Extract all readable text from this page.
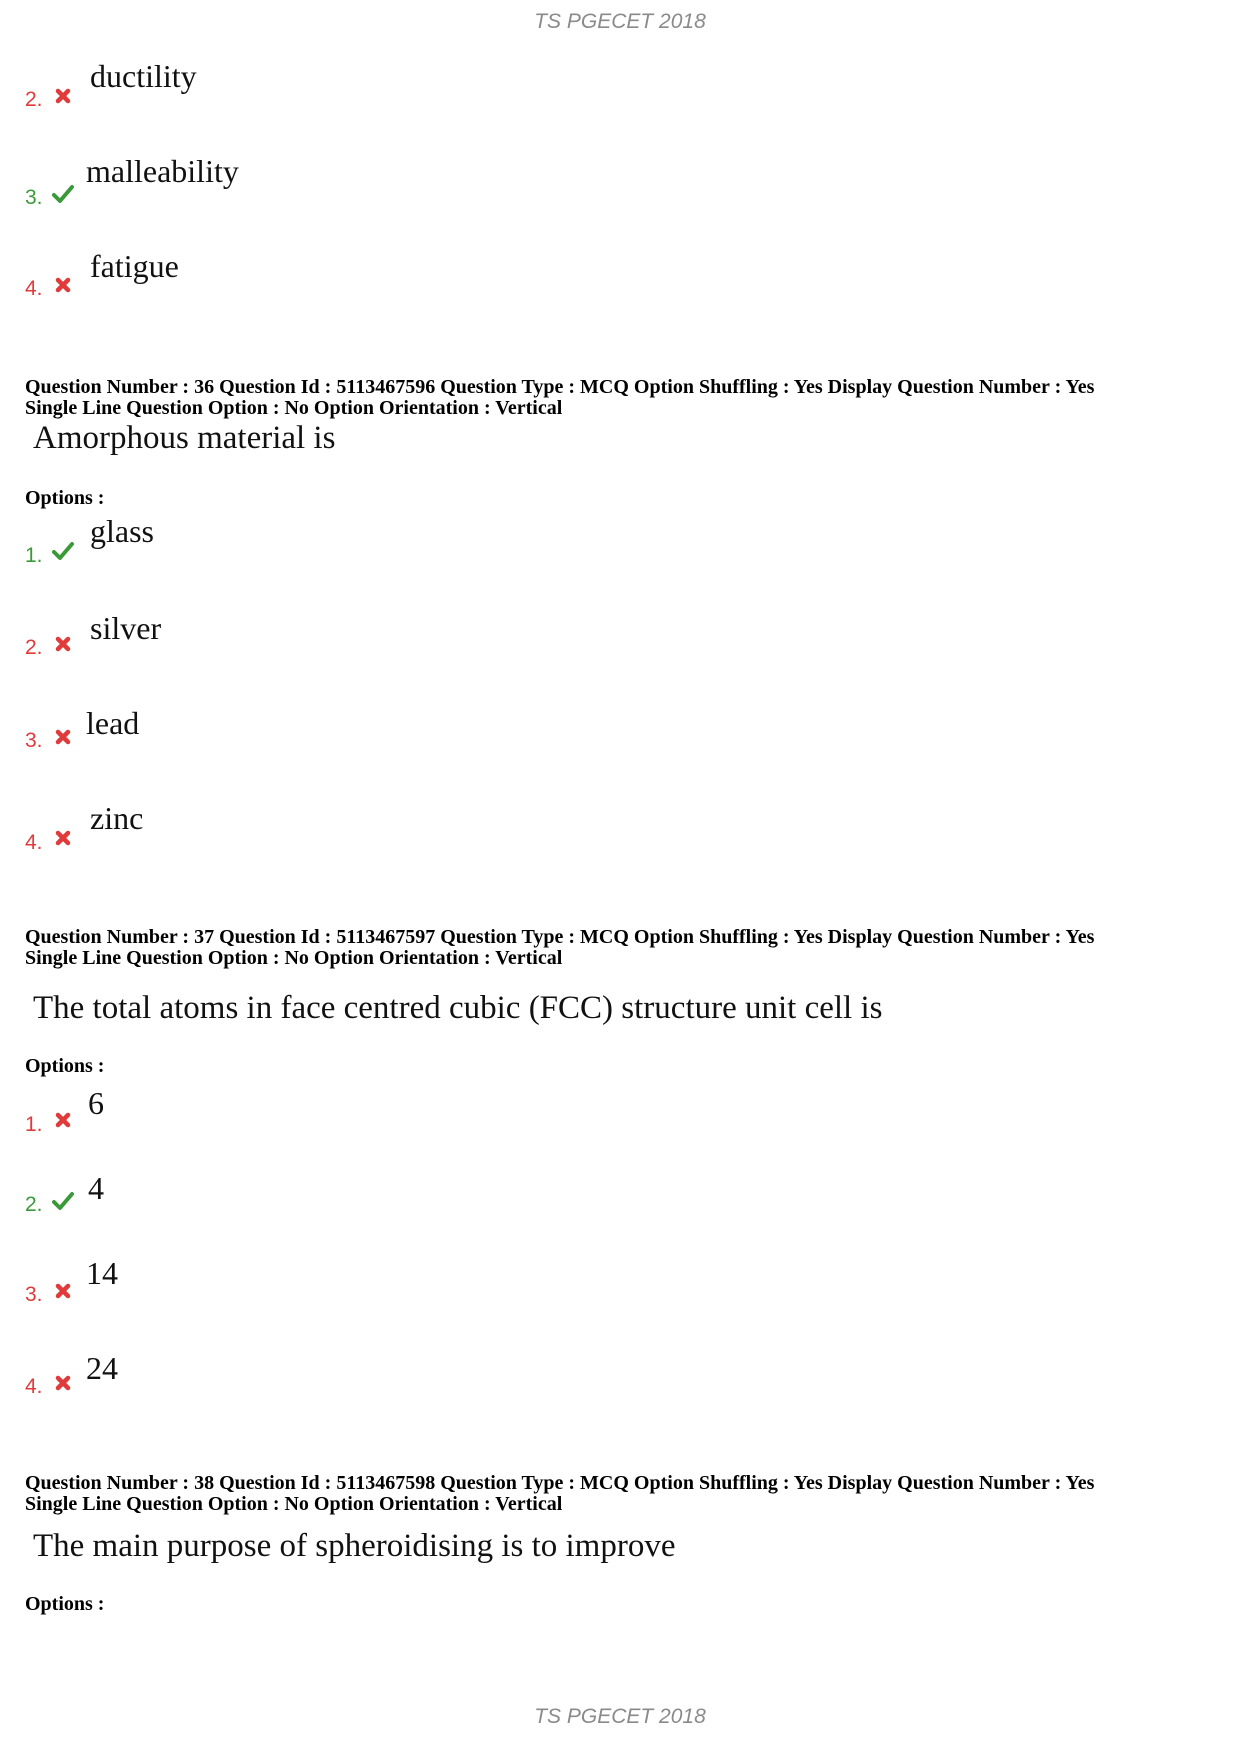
TS PGECET 2018
2.
ductility
3.
malleability
4.
fatigue
Question Number : 36 Question Id : 5113467596 Question Type : MCQ Option Shuffling : Yes Display Question Number : Yes
Single Line Question Option : No Option Orientation : Vertical
Amorphous material is
Options :
1.
glass
2.
silver
3. lead
4.
zinc
Question Number : 37 Question Id : 5113467597 Question Type : MCQ Option Shuffling : Yes Display Question Number : Yes
Single Line Question Option : No Option Orientation : Vertical
The total atoms in face centred cubic (FCC) structure unit cell is
Options :
1.
6
2. 4
3.
14
4.
24
Question Number : 38 Question Id : 5113467598 Question Type : MCQ Option Shuffling : Yes Display Question Number : Yes
Single Line Question Option : No Option Orientation : Vertical
The main purpose of spheroidising is to improve
Options :
TS PGECET 2018
